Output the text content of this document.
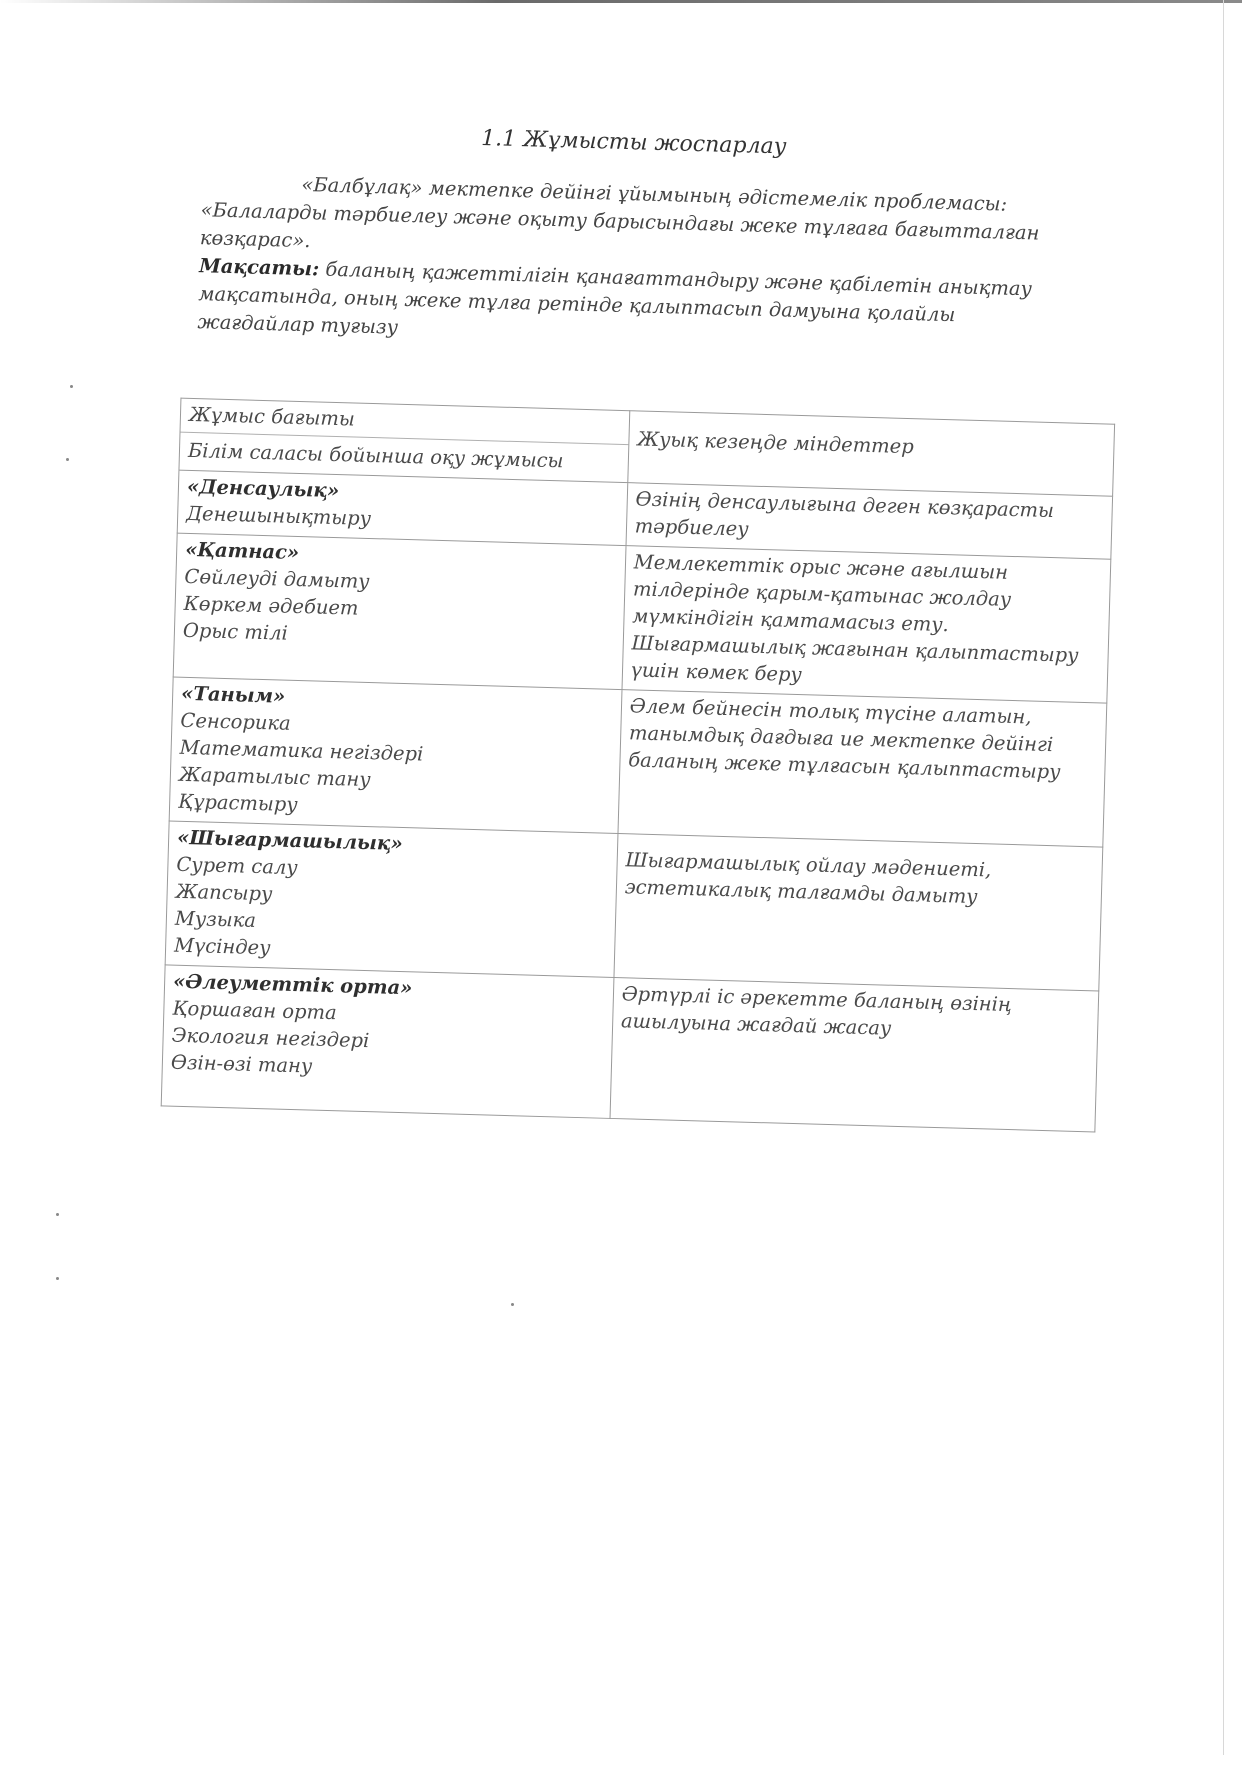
1.1 Жұмысты жоспарлау

«Балбұлақ» мектепке дейінгі ұйымының әдістемелік проблемасы: «Балаларды тәрбиелеу және оқыту барысындағы жеке тұлғаға бағытталған көзқарас».

Мақсаты: баланың қажеттілігін қанағаттандыру және қабілетін анықтау мақсатында, оның жеке тұлға ретінде қалыптасып дамуына қолайлы жағдайлар туғызу

Жұмыс бағыты
Білім саласы бойынша оқу жұмысы	Жуық кезеңде міндеттер

«Денсаулық»
Денешынықтыру	Өзінің денсаулығына деген көзқарасты тәрбиелеу

«Қатнас»
Сөйлеуді дамыту
Көркем әдебиет
Орыс тілі	Мемлекеттік орыс және ағылшын тілдерінде қарым-қатынас жолдау мүмкіндігін қамтамасыз ету. Шығармашылық жағынан қалыптастыру үшін көмек беру

«Таным»
Сенсорика
Математика негіздері
Жаратылыс тану
Құрастыру	Әлем бейнесін толық түсіне алатын, танымдық дағдыға ие мектепке дейінгі баланың жеке тұлғасын қалыптастыру

«Шығармашылық»
Сурет салу
Жапсыру
Музыка
Мүсіндеу	Шығармашылық ойлау мәдениеті, эстетикалық талғамды дамыту

«Әлеуметтік орта»
Қоршаған орта
Экология негіздері
Өзін-өзі тану	Әртүрлі іс әрекетте баланың өзінің ашылуына жағдай жасау
